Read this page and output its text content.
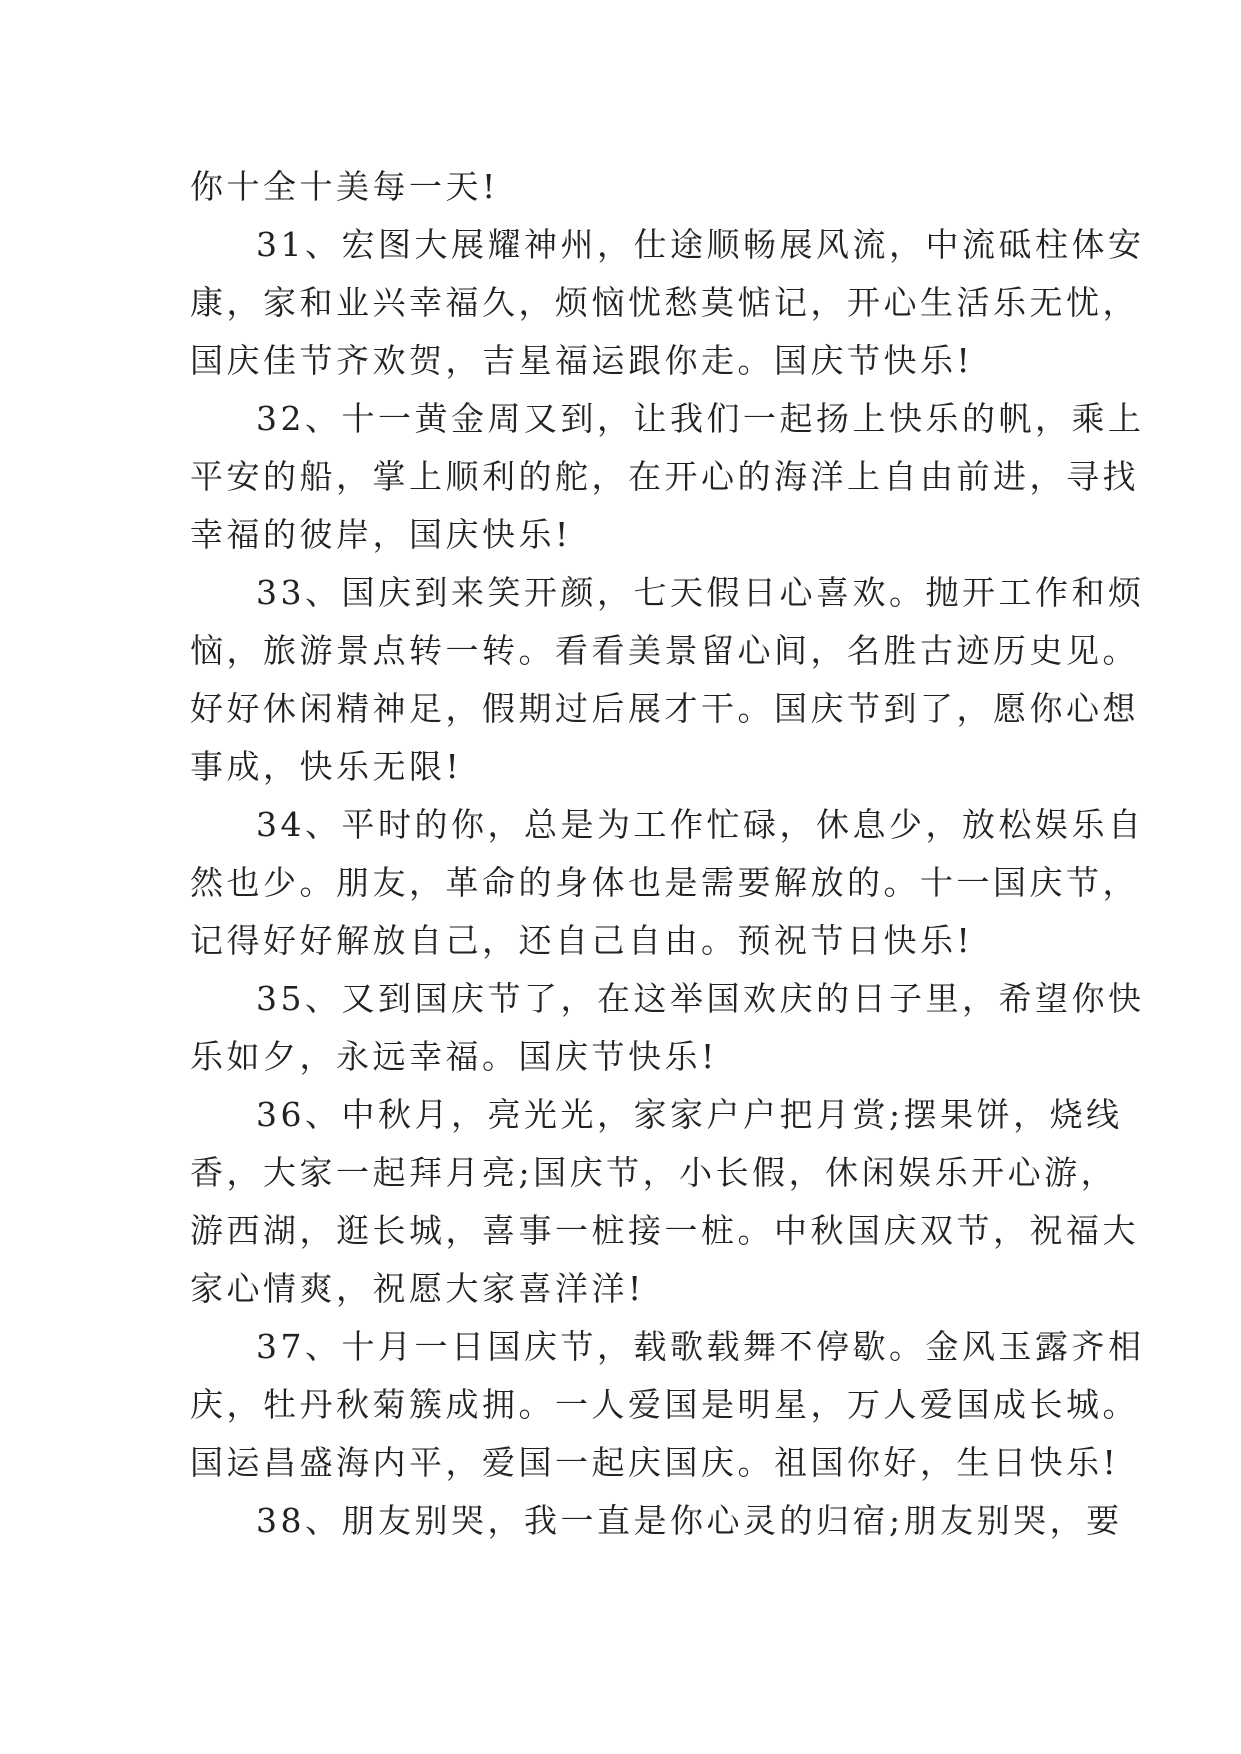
你十全十美每一天!
31、宏图大展耀神州，仕途顺畅展风流，中流砥柱体安
康，家和业兴幸福久，烦恼忧愁莫惦记，开心生活乐无忧，
国庆佳节齐欢贺，吉星福运跟你走。国庆节快乐!
32、十一黄金周又到，让我们一起扬上快乐的帆，乘上
平安的船，掌上顺利的舵，在开心的海洋上自由前进，寻找
幸福的彼岸，国庆快乐!
33、国庆到来笑开颜，七天假日心喜欢。抛开工作和烦
恼，旅游景点转一转。看看美景留心间，名胜古迹历史见。
好好休闲精神足，假期过后展才干。国庆节到了，愿你心想
事成，快乐无限!
34、平时的你，总是为工作忙碌，休息少，放松娱乐自
然也少。朋友，革命的身体也是需要解放的。十一国庆节，
记得好好解放自己，还自己自由。预祝节日快乐!
35、又到国庆节了，在这举国欢庆的日子里，希望你快
乐如夕，永远幸福。国庆节快乐!
36、中秋月，亮光光，家家户户把月赏;摆果饼，烧线
香，大家一起拜月亮;国庆节，小长假，休闲娱乐开心游，
游西湖，逛长城，喜事一桩接一桩。中秋国庆双节，祝福大
家心情爽，祝愿大家喜洋洋!
37、十月一日国庆节，载歌载舞不停歇。金风玉露齐相
庆，牡丹秋菊簇成拥。一人爱国是明星，万人爱国成长城。
国运昌盛海内平，爱国一起庆国庆。祖国你好，生日快乐!
38、朋友别哭，我一直是你心灵的归宿;朋友别哭，要
